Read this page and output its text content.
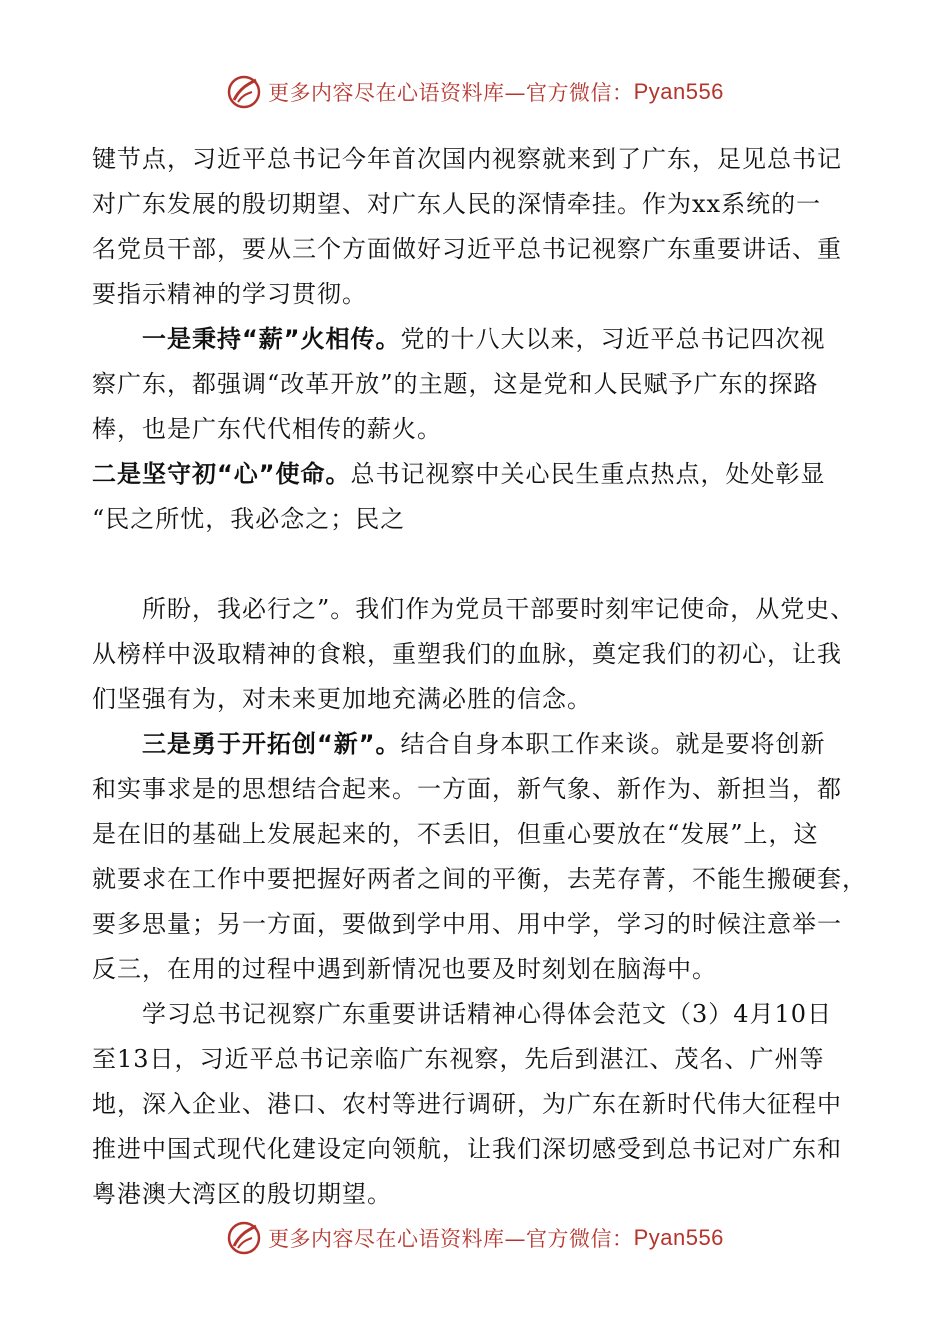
更多内容尽在心语资料库—官方微信： Pyan556
键节点，习近平总书记今年首次国内视察就来到了广东，足见总书记
对广东发展的殷切期望、对广东人民的深情牵挂。作为xx系统的一
名党员干部，要从三个方面做好习近平总书记视察广东重要讲话、重
要指示精神的学习贯彻。
一是秉持“薪”火相传。党的十八大以来，习近平总书记四次视
察广东，都强调“改革开放”的主题，这是党和人民赋予广东的探路
棒，也是广东代代相传的薪火。
二是坚守初“心”使命。总书记视察中关心民生重点热点，处处彰显
“民之所忧，我必念之；民之
所盼，我必行之”。我们作为党员干部要时刻牢记使命，从党史、
从榜样中汲取精神的食粮，重塑我们的血脉，奠定我们的初心，让我
们坚强有为，对未来更加地充满必胜的信念。
三是勇于开拓创“新”。结合自身本职工作来谈。就是要将创新
和实事求是的思想结合起来。一方面，新气象、新作为、新担当，都
是在旧的基础上发展起来的，不丢旧，但重心要放在“发展”上，这
就要求在工作中要把握好两者之间的平衡，去芜存菁，不能生搬硬套，
要多思量；另一方面，要做到学中用、用中学，学习的时候注意举一
反三，在用的过程中遇到新情况也要及时刻划在脑海中。
学习总书记视察广东重要讲话精神心得体会范文（3）4月10日
至13日，习近平总书记亲临广东视察，先后到湛江、茂名、广州等
地，深入企业、港口、农村等进行调研，为广东在新时代伟大征程中
推进中国式现代化建设定向领航，让我们深切感受到总书记对广东和
粤港澳大湾区的殷切期望。
更多内容尽在心语资料库—官方微信： Pyan556
